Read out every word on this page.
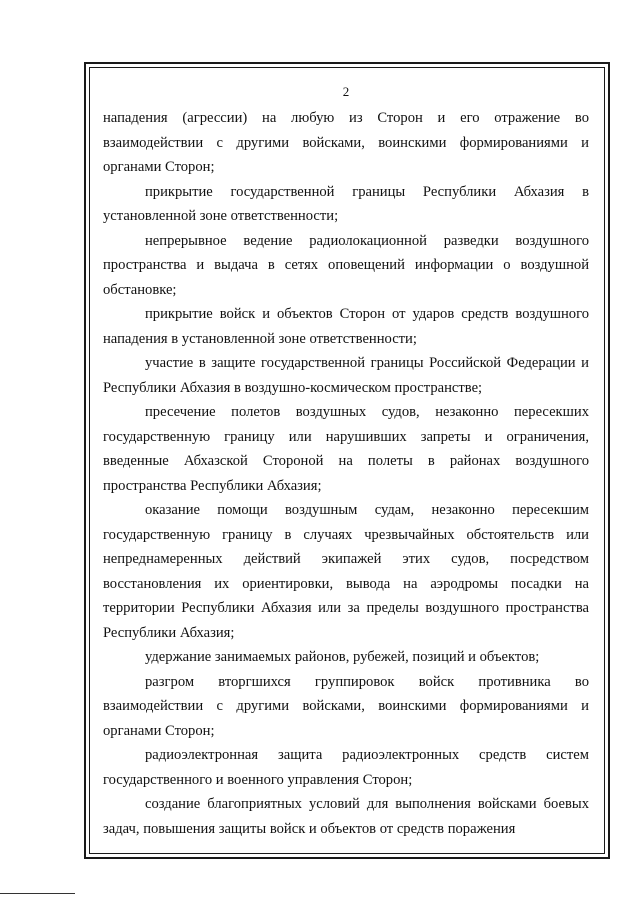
2

нападения (агрессии) на любую из Сторон и его отражение во взаимодействии с другими войсками, воинскими формированиями и органами Сторон;

прикрытие государственной границы Республики Абхазия в установленной зоне ответственности;

непрерывное ведение радиолокационной разведки воздушного пространства и выдача в сетях оповещений информации о воздушной обстановке;

прикрытие войск и объектов Сторон от ударов средств воздушного нападения в установленной зоне ответственности;

участие в защите государственной границы Российской Федерации и Республики Абхазия в воздушно-космическом пространстве;

пресечение полетов воздушных судов, незаконно пересекших государственную границу или нарушивших запреты и ограничения, введенные Абхазской Стороной на полеты в районах воздушного пространства Республики Абхазия;

оказание помощи воздушным судам, незаконно пересекшим государственную границу в случаях чрезвычайных обстоятельств или непреднамеренных действий экипажей этих судов, посредством восстановления их ориентировки, вывода на аэродромы посадки на территории Республики Абхазия или за пределы воздушного пространства Республики Абхазия;

удержание занимаемых районов, рубежей, позиций и объектов;

разгром вторгшихся группировок войск противника во взаимодействии с другими войсками, воинскими формированиями и органами Сторон;

радиоэлектронная защита радиоэлектронных средств систем государственного и военного управления Сторон;

создание благоприятных условий для выполнения войсками боевых задач, повышения защиты войск и объектов от средств поражения
